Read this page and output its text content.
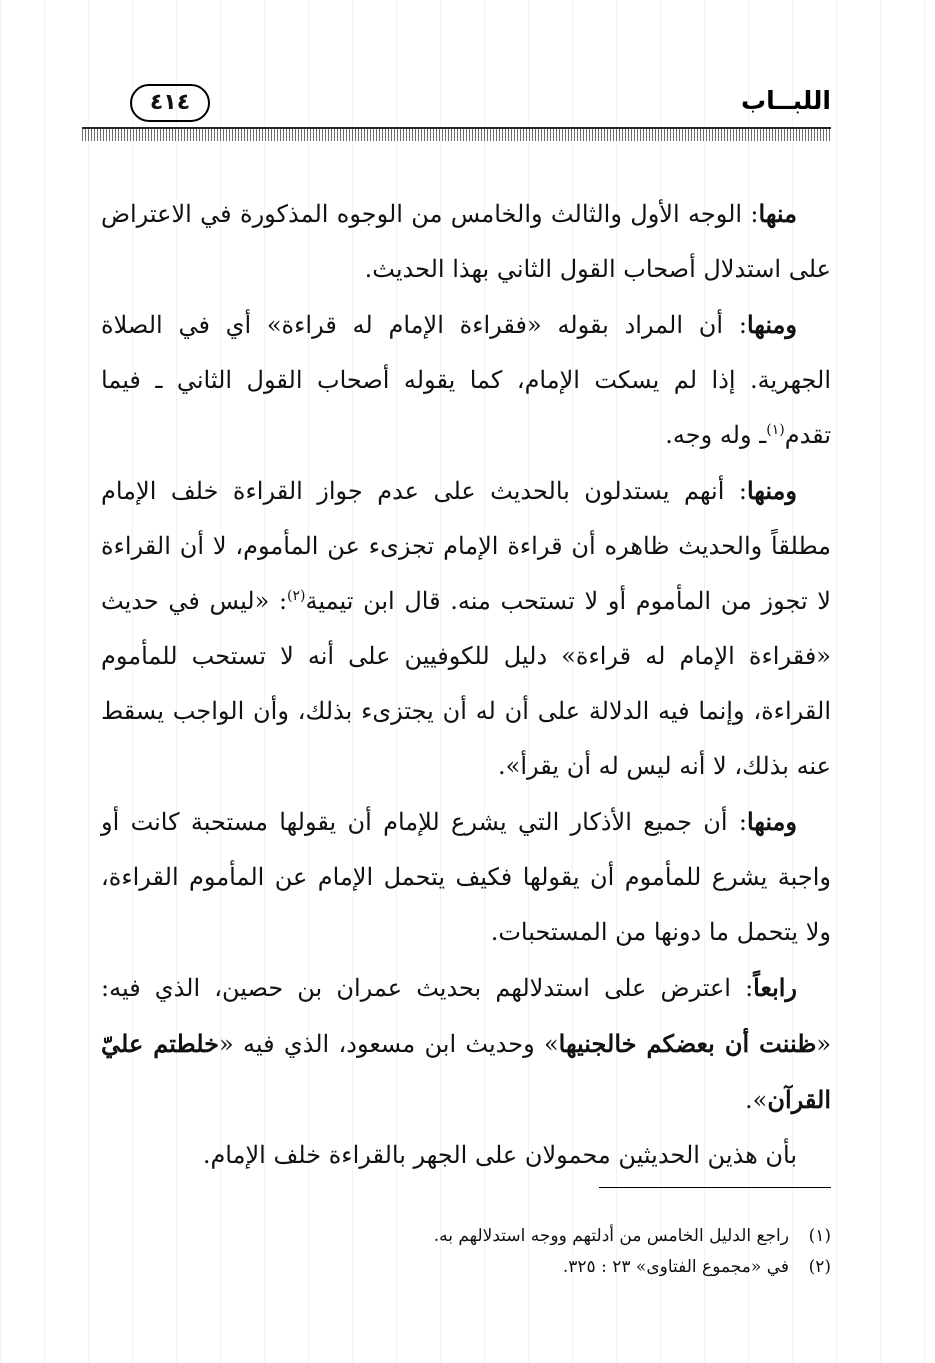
اللبــاب
٤١٤

منها: الوجه الأول والثالث والخامس من الوجوه المذكورة في الاعتراض على استدلال أصحاب القول الثاني بهذا الحديث.

ومنها: أن المراد بقوله «فقراءة الإمام له قراءة» أي في الصلاة الجهرية. إذا لم يسكت الإمام، كما يقوله أصحاب القول الثاني ـ فيما تقدم$^{(١)}$ـ وله وجه.

ومنها: أنهم يستدلون بالحديث على عدم جواز القراءة خلف الإمام مطلقاً والحديث ظاهره أن قراءة الإمام تجزىء عن المأموم، لا أن القراءة لا تجوز من المأموم أو لا تستحب منه. قال ابن تيمية$^{(٢)}$: «ليس في حديث «فقراءة الإمام له قراءة» دليل للكوفيين على أنه لا تستحب للمأموم القراءة، وإنما فيه الدلالة على أن له أن يجتزىء بذلك، وأن الواجب يسقط عنه بذلك، لا أنه ليس له أن يقرأ».

ومنها: أن جميع الأذكار التي يشرع للإمام أن يقولها مستحبة كانت أو واجبة يشرع للمأموم أن يقولها فكيف يتحمل الإمام عن المأموم القراءة، ولا يتحمل ما دونها من المستحبات.

رابعاً: اعترض على استدلالهم بحديث عمران بن حصين، الذي فيه: «ظننت أن بعضكم خالجنيها» وحديث ابن مسعود، الذي فيه «خلطتم عليّ القرآن».

بأن هذين الحديثين محمولان على الجهر بالقراءة خلف الإمام.

(١)راجع الدليل الخامس من أدلتهم ووجه استدلالهم به.

(٢)في «مجموع الفتاوى» ٢٣ : ٣٢٥.
